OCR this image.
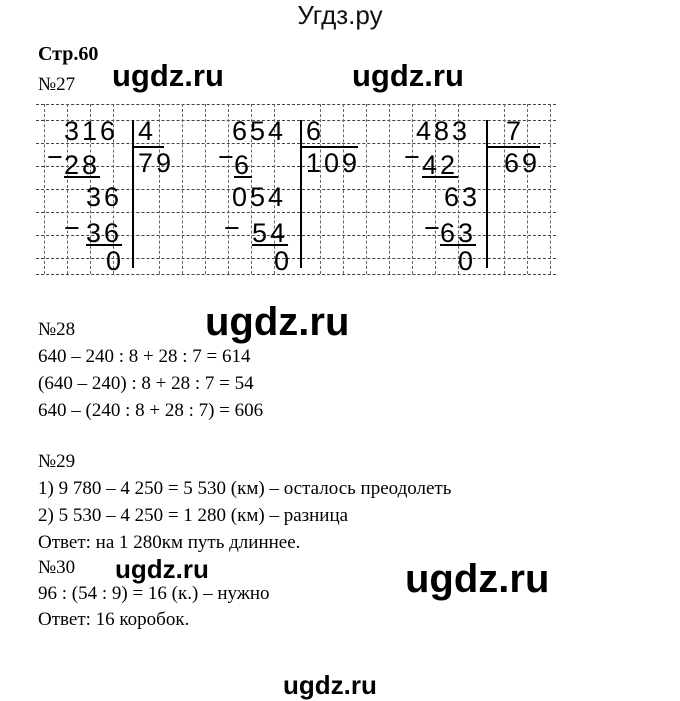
Угдз.ру
ugdz.ru	ugdz.ru
ugdz.ru
ugdz.ru	ugdz.ru
ugdz.ru
Стр.60
№27
316 4
79
−
28
36
− 36
0
654 6
109
−
6
054
− 54
0
483 7
69
− 42
63
−
63
0
№28
640 – 240 : 8 + 28 : 7 = 614
(640 – 240) : 8 + 28 : 7 = 54
640 – (240 : 8 + 28 : 7) = 606
№29
1) 9 780 – 4 250 = 5 530 (км) – осталось преодолеть
2) 5 530 – 4 250 = 1 280 (км) – разница
Ответ: на 1 280км путь длиннее.
№30
96 : (54 : 9) = 16 (к.) – нужно
Ответ: 16 коробок.
